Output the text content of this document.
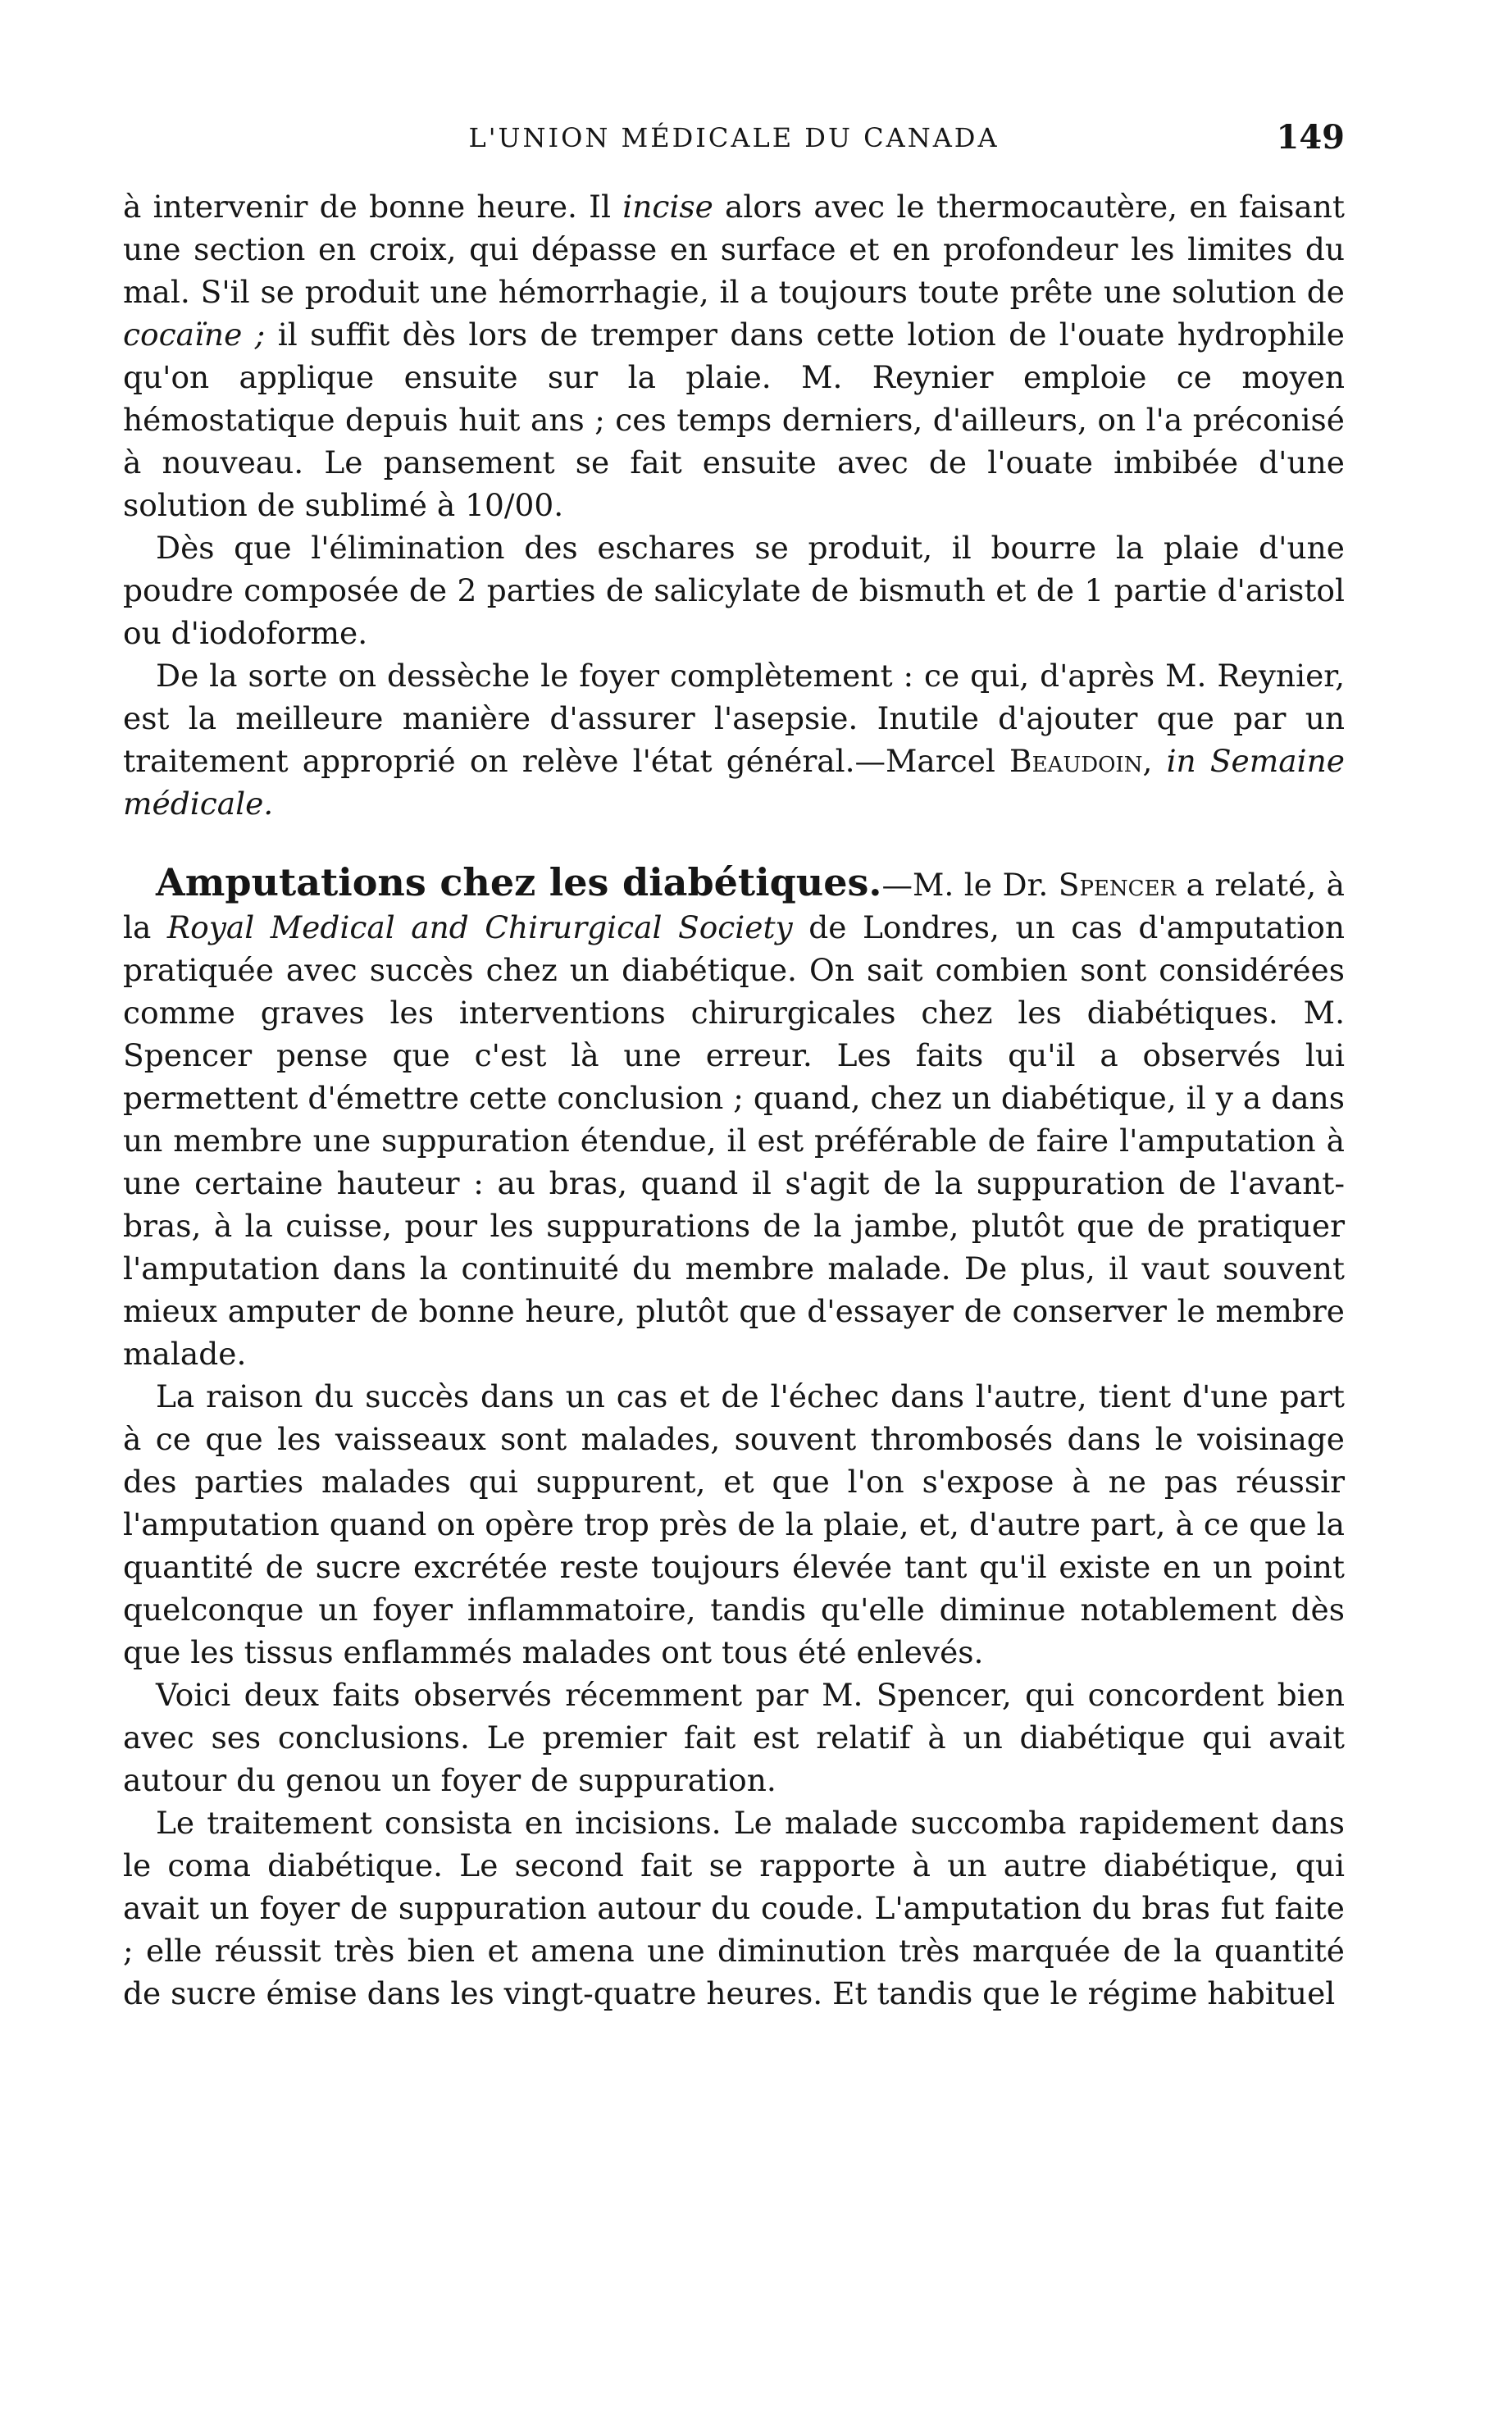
L'UNION MÉDICALE DU CANADA	149

à intervenir de bonne heure. Il incise alors avec le thermocautère, en faisant une section en croix, qui dépasse en surface et en profondeur les limites du mal. S'il se produit une hémorrhagie, il a toujours toute prête une solution de cocaïne ; il suffit dès lors de tremper dans cette lotion de l'ouate hydrophile qu'on applique ensuite sur la plaie. M. Reynier emploie ce moyen hémostatique depuis huit ans ; ces temps derniers, d'ailleurs, on l'a préconisé à nouveau. Le pansement se fait ensuite avec de l'ouate imbibée d'une solution de sublimé à 10/00.

Dès que l'élimination des eschares se produit, il bourre la plaie d'une poudre composée de 2 parties de salicylate de bismuth et de 1 partie d'aristol ou d'iodoforme.

De la sorte on dessèche le foyer complètement : ce qui, d'après M. Reynier, est la meilleure manière d'assurer l'asepsie. Inutile d'ajouter que par un traitement approprié on relève l'état général.—Marcel Beaudoin, in Semaine médicale.

Amputations chez les diabétiques.—M. le Dr. Spencer a relaté, à la Royal Medical and Chirurgical Society de Londres, un cas d'amputation pratiquée avec succès chez un diabétique. On sait combien sont considérées comme graves les interventions chirurgicales chez les diabétiques. M. Spencer pense que c'est là une erreur. Les faits qu'il a observés lui permettent d'émettre cette conclusion ; quand, chez un diabétique, il y a dans un membre une suppuration étendue, il est préférable de faire l'amputation à une certaine hauteur : au bras, quand il s'agit de la suppuration de l'avant-bras, à la cuisse, pour les suppurations de la jambe, plutôt que de pratiquer l'amputation dans la continuité du membre malade. De plus, il vaut souvent mieux amputer de bonne heure, plutôt que d'essayer de conserver le membre malade.

La raison du succès dans un cas et de l'échec dans l'autre, tient d'une part à ce que les vaisseaux sont malades, souvent thrombosés dans le voisinage des parties malades qui suppurent, et que l'on s'expose à ne pas réussir l'amputation quand on opère trop près de la plaie, et, d'autre part, à ce que la quantité de sucre excrétée reste toujours élevée tant qu'il existe en un point quelconque un foyer inflammatoire, tandis qu'elle diminue notablement dès que les tissus enflammés malades ont tous été enlevés.

Voici deux faits observés récemment par M. Spencer, qui concordent bien avec ses conclusions. Le premier fait est relatif à un diabétique qui avait autour du genou un foyer de suppuration.

Le traitement consista en incisions. Le malade succomba rapidement dans le coma diabétique. Le second fait se rapporte à un autre diabétique, qui avait un foyer de suppuration autour du coude. L'amputation du bras fut faite ; elle réussit très bien et amena une diminution très marquée de la quantité de sucre émise dans les vingt-quatre heures. Et tandis que le régime habituel
